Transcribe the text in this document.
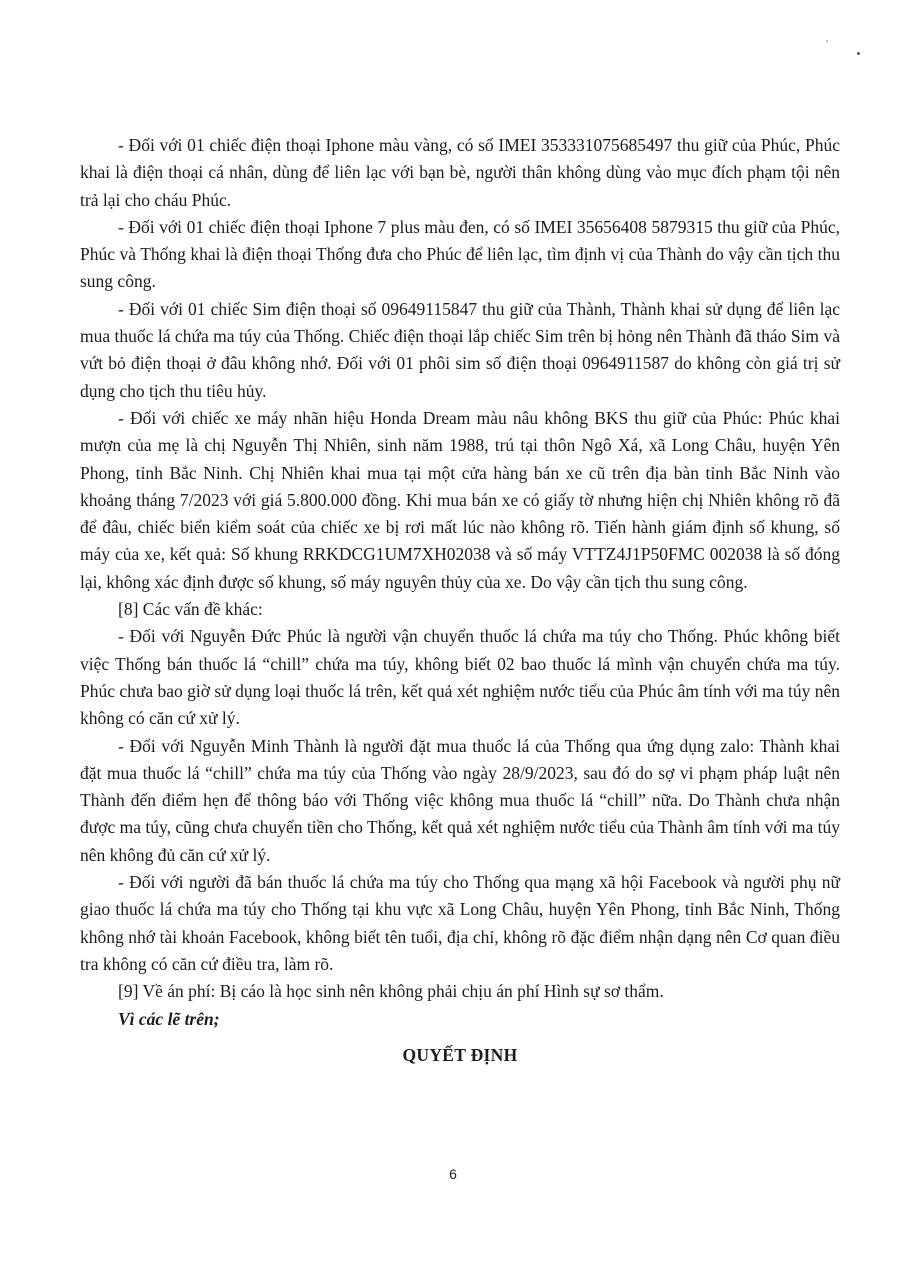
- Đối với 01 chiếc điện thoại Iphone màu vàng, có số IMEI 353331075685497 thu giữ của Phúc, Phúc khai là điện thoại cá nhân, dùng để liên lạc với bạn bè, người thân không dùng vào mục đích phạm tội nên trả lại cho cháu Phúc.

- Đối với 01 chiếc điện thoại Iphone 7 plus màu đen, có số IMEI 35656408 5879315 thu giữ của Phúc, Phúc và Thống khai là điện thoại Thống đưa cho Phúc để liên lạc, tìm định vị của Thành do vậy cần tịch thu sung công.

- Đối với 01 chiếc Sim điện thoại số 09649115847 thu giữ của Thành, Thành khai sử dụng để liên lạc mua thuốc lá chứa ma túy của Thống. Chiếc điện thoại lắp chiếc Sim trên bị hỏng nên Thành đã tháo Sim và vứt bỏ điện thoại ở đâu không nhớ. Đối với 01 phôi sim số điện thoại 0964911587 do không còn giá trị sử dụng cho tịch thu tiêu hủy.

- Đối với chiếc xe máy nhãn hiệu Honda Dream màu nâu không BKS thu giữ của Phúc: Phúc khai mượn của mẹ là chị Nguyễn Thị Nhiên, sinh năm 1988, trú tại thôn Ngô Xá, xã Long Châu, huyện Yên Phong, tỉnh Bắc Ninh. Chị Nhiên khai mua tại một cửa hàng bán xe cũ trên địa bàn tỉnh Bắc Ninh vào khoảng tháng 7/2023 với giá 5.800.000 đồng. Khi mua bán xe có giấy tờ nhưng hiện chị Nhiên không rõ đã để đâu, chiếc biển kiểm soát của chiếc xe bị rơi mất lúc nào không rõ. Tiến hành giám định số khung, số máy của xe, kết quả: Số khung RRKDCG1UM7XH02038 và số máy VTTZ4J1P50FMC 002038 là số đóng lại, không xác định được số khung, số máy nguyên thủy của xe. Do vậy cần tịch thu sung công.

[8] Các vấn đề khác:

- Đối với Nguyễn Đức Phúc là người vận chuyển thuốc lá chứa ma túy cho Thống. Phúc không biết việc Thống bán thuốc lá “chill” chứa ma túy, không biết 02 bao thuốc lá mình vận chuyển chứa ma túy. Phúc chưa bao giờ sử dụng loại thuốc lá trên, kết quả xét nghiệm nước tiểu của Phúc âm tính với ma túy nên không có căn cứ xử lý.

- Đối với Nguyễn Minh Thành là người đặt mua thuốc lá của Thống qua ứng dụng zalo: Thành khai đặt mua thuốc lá “chill” chứa ma túy của Thống vào ngày 28/9/2023, sau đó do sợ vi phạm pháp luật nên Thành đến điểm hẹn để thông báo với Thống việc không mua thuốc lá “chill” nữa. Do Thành chưa nhận được ma túy, cũng chưa chuyển tiền cho Thống, kết quả xét nghiệm nước tiểu của Thành âm tính với ma túy nên không đủ căn cứ xử lý.

- Đối với người đã bán thuốc lá chứa ma túy cho Thống qua mạng xã hội Facebook và người phụ nữ giao thuốc lá chứa ma túy cho Thống tại khu vực xã Long Châu, huyện Yên Phong, tỉnh Bắc Ninh, Thống không nhớ tài khoản Facebook, không biết tên tuổi, địa chỉ, không rõ đặc điểm nhận dạng nên Cơ quan điều tra không có căn cứ điều tra, làm rõ.

[9] Về án phí: Bị cáo là học sinh nên không phải chịu án phí Hình sự sơ thẩm.

Vì các lẽ trên;

QUYẾT ĐỊNH
6
